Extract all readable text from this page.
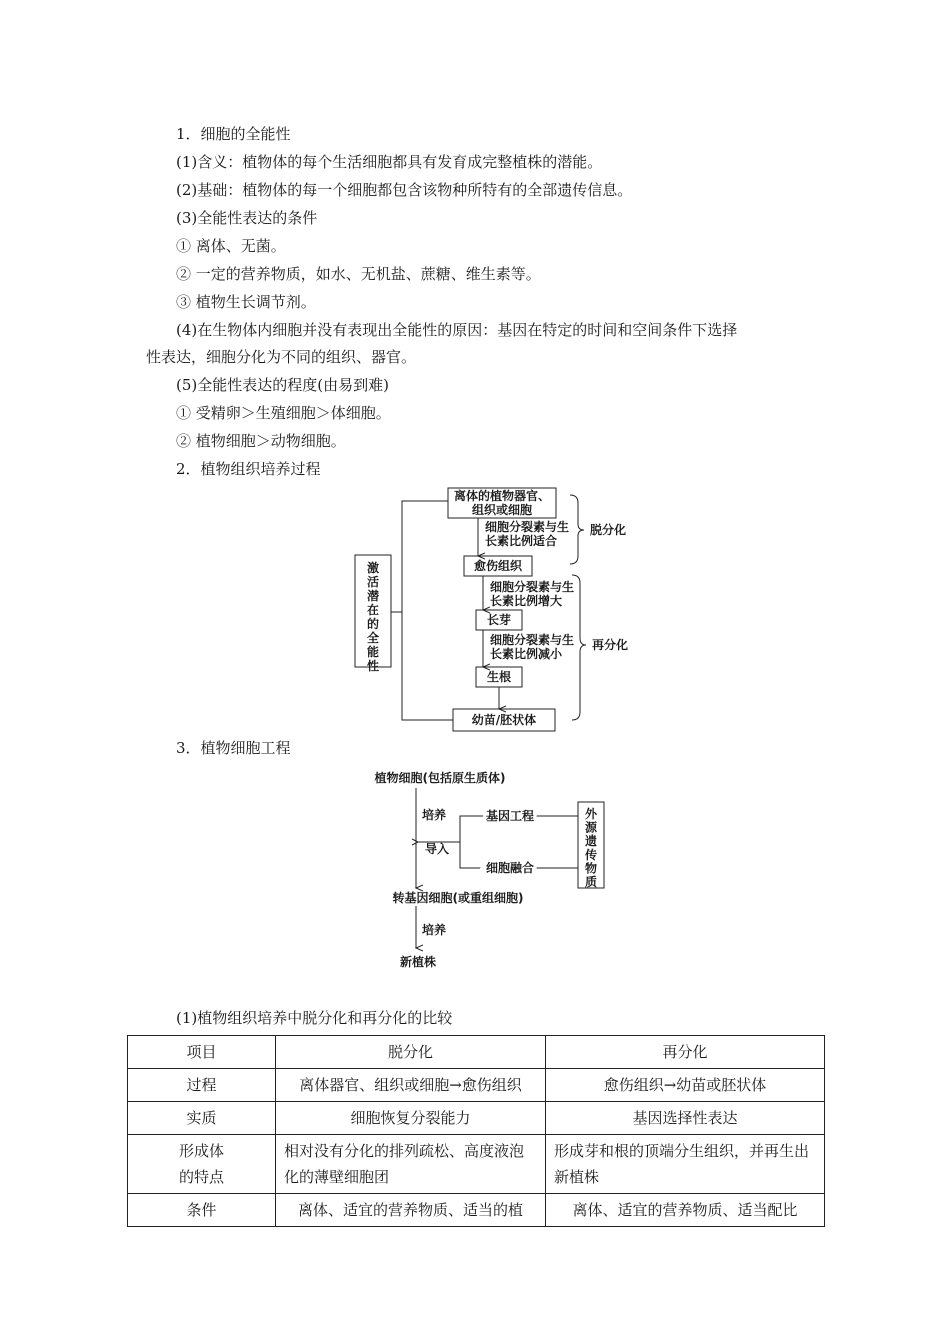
1．细胞的全能性
(1)含义：植物体的每个生活细胞都具有发育成完整植株的潜能。
(2)基础：植物体的每一个细胞都包含该物种所特有的全部遗传信息。
(3)全能性表达的条件
① 离体、无菌。
② 一定的营养物质，如水、无机盐、蔗糖、维生素等。
③ 植物生长调节剂。
(4)在生物体内细胞并没有表现出全能性的原因：基因在特定的时间和空间条件下选择
性表达，细胞分化为不同的组织、器官。
(5)全能性表达的程度(由易到难)
① 受精卵＞生殖细胞＞体细胞。
② 植物细胞＞动物细胞。
2．植物组织培养过程
激
活
潜
在
的
全
能
性
离体的植物器官、
组织或细胞
细胞分裂素与生
长素比例适合
愈伤组织
细胞分裂素与生
长素比例增大
长芽
细胞分裂素与生
长素比例减小
生根
幼苗/胚状体
脱分化
再分化
3．植物细胞工程
植物细胞(包括原生质体)
培养
导入
基因工程
细胞融合
外
源
遗
传
物
质
转基因细胞(或重组细胞)
培养
新植株
(1)植物组织培养中脱分化和再分化的比较
项目	脱分化	再分化
过程	离体器官、组织或细胞→愈伤组织	愈伤组织→幼苗或胚状体
实质	细胞恢复分裂能力	基因选择性表达

形成体
的特点	相对没有分化的排列疏松、高度液泡化的薄壁细胞团	形成芽和根的顶端分生组织，并再生出新植株
条件	离体、适宜的营养物质、适当的植	离体、适宜的营养物质、适当配比
